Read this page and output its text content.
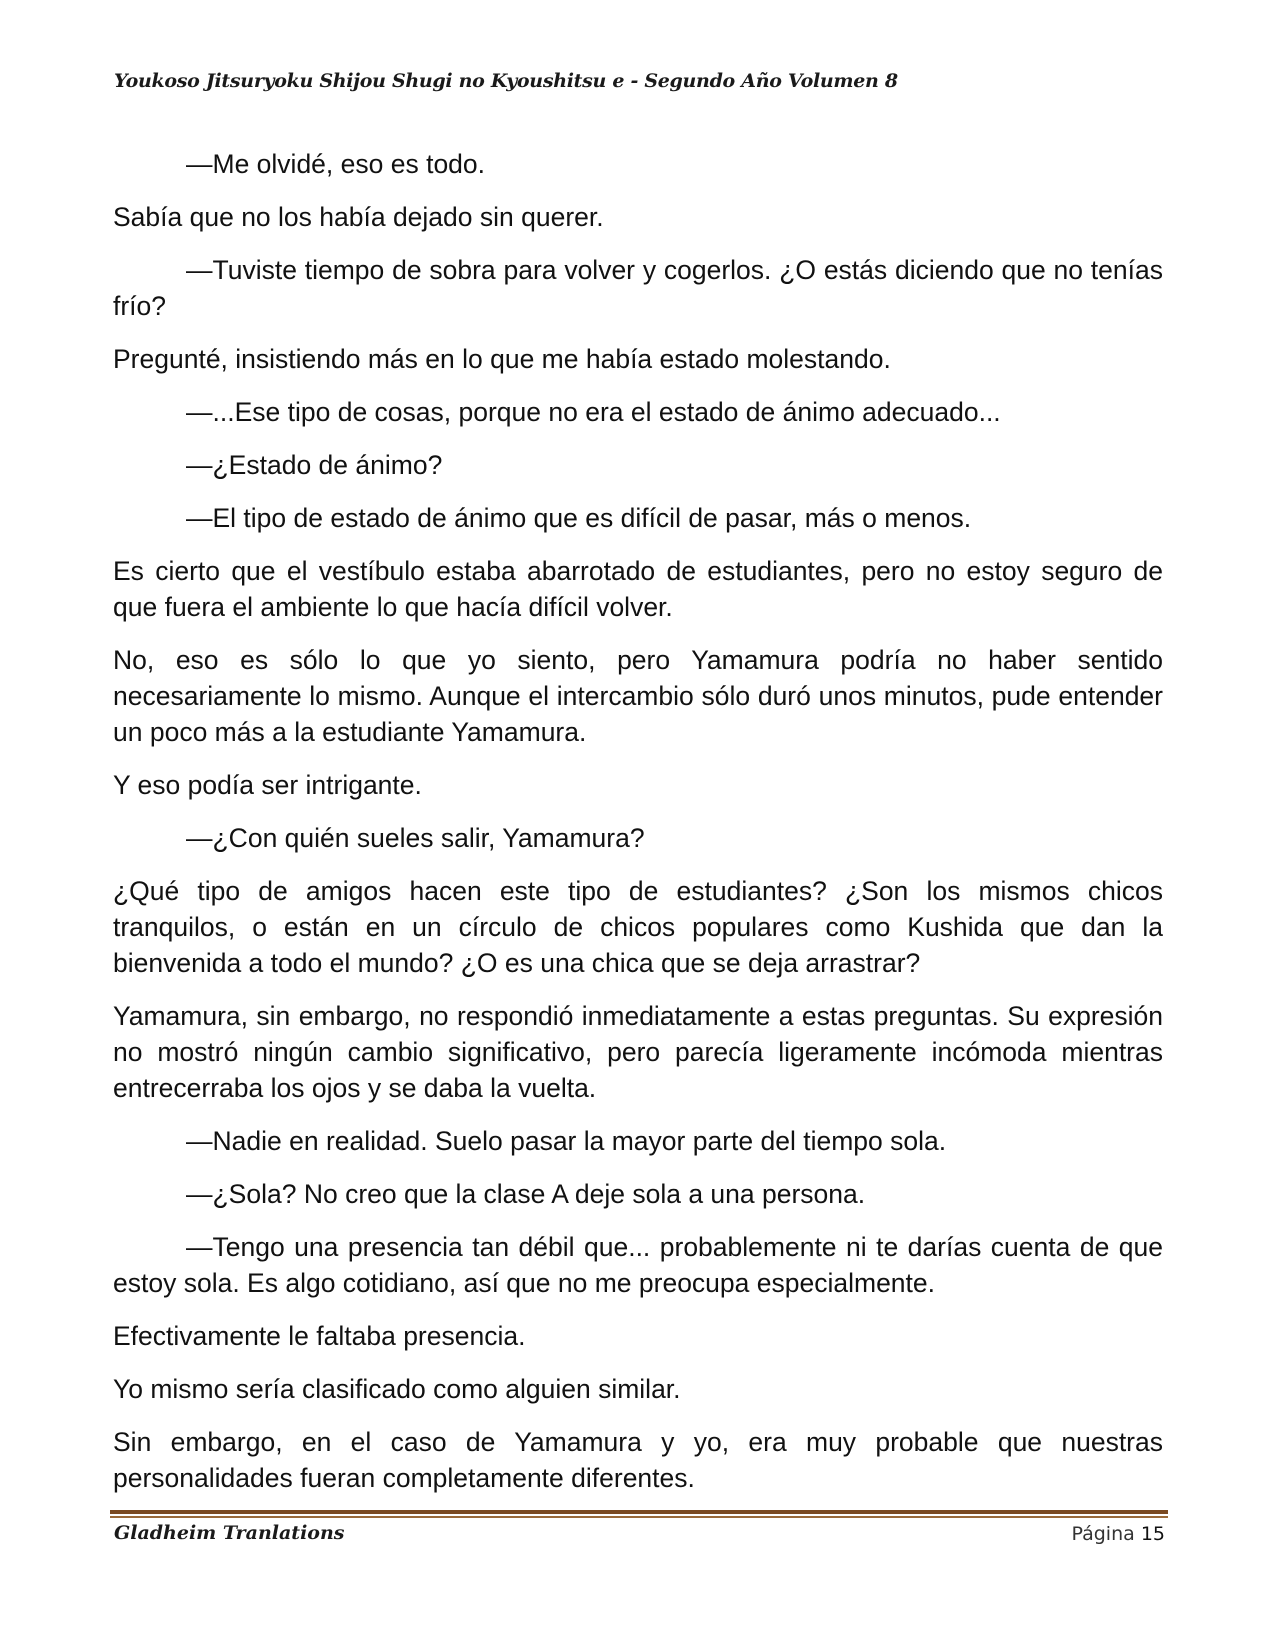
Youkoso Jitsuryoku Shijou Shugi no Kyoushitsu e - Segundo Año Volumen 8

—Me olvidé, eso es todo.

Sabía que no los había dejado sin querer.

—Tuviste tiempo de sobra para volver y cogerlos. ¿O estás diciendo que no tenías frío?

Pregunté, insistiendo más en lo que me había estado molestando.

—...Ese tipo de cosas, porque no era el estado de ánimo adecuado...

—¿Estado de ánimo?

—El tipo de estado de ánimo que es difícil de pasar, más o menos.

Es cierto que el vestíbulo estaba abarrotado de estudiantes, pero no estoy seguro de que fuera el ambiente lo que hacía difícil volver.

No, eso es sólo lo que yo siento, pero Yamamura podría no haber sentido necesariamente lo mismo. Aunque el intercambio sólo duró unos minutos, pude entender un poco más a la estudiante Yamamura.

Y eso podía ser intrigante.

—¿Con quién sueles salir, Yamamura?

¿Qué tipo de amigos hacen este tipo de estudiantes? ¿Son los mismos chicos tranquilos, o están en un círculo de chicos populares como Kushida que dan la bienvenida a todo el mundo? ¿O es una chica que se deja arrastrar?

Yamamura, sin embargo, no respondió inmediatamente a estas preguntas. Su expresión no mostró ningún cambio significativo, pero parecía ligeramente incómoda mientras entrecerraba los ojos y se daba la vuelta.

—Nadie en realidad. Suelo pasar la mayor parte del tiempo sola.

—¿Sola? No creo que la clase A deje sola a una persona.

—Tengo una presencia tan débil que... probablemente ni te darías cuenta de que estoy sola. Es algo cotidiano, así que no me preocupa especialmente.

Efectivamente le faltaba presencia.

Yo mismo sería clasificado como alguien similar.

Sin embargo, en el caso de Yamamura y yo, era muy probable que nuestras personalidades fueran completamente diferentes.

Gladheim Tranlations	Página 15
